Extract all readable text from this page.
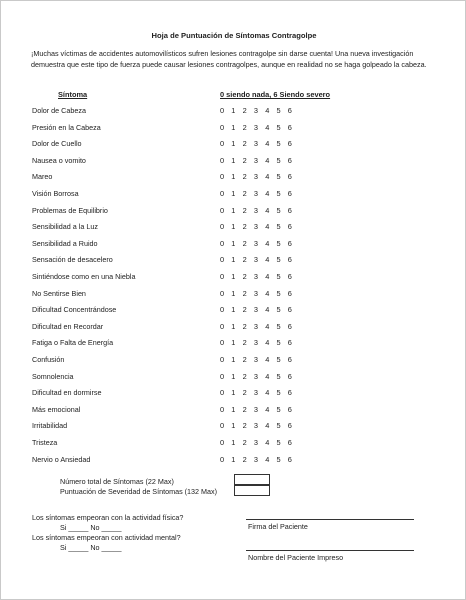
Hoja de Puntuación de Síntomas Contragolpe
¡Muchas víctimas de accidentes automovilísticos sufren lesiones contragolpe sin darse cuenta! Una nueva investigación demuestra que este tipo de fuerza puede causar lesiones contragolpes, aunque en realidad no se haga golpeado la cabeza.
Síntoma	0 siendo nada, 6 Siendo severo
Dolor de Cabeza	0 1 2 3 4 5 6
Presión en la Cabeza	0 1 2 3 4 5 6
Dolor de Cuello	0 1 2 3 4 5 6
Nausea o vomito	0 1 2 3 4 5 6
Mareo	0 1 2 3 4 5 6
Visión Borrosa	0 1 2 3 4 5 6
Problemas de Equilibrio	0 1 2 3 4 5 6
Sensibilidad a la Luz	0 1 2 3 4 5 6
Sensibilidad a Ruido	0 1 2 3 4 5 6
Sensación de desacelero	0 1 2 3 4 5 6
Sintiéndose como en una Niebla	0 1 2 3 4 5 6
No Sentirse Bien	0 1 2 3 4 5 6
Dificultad Concentrándose	0 1 2 3 4 5 6
Dificultad en Recordar	0 1 2 3 4 5 6
Fatiga o Falta de Energía	0 1 2 3 4 5 6
Confusión	0 1 2 3 4 5 6
Somnolencia	0 1 2 3 4 5 6
Dificultad en dormirse	0 1 2 3 4 5 6
Más emocional	0 1 2 3 4 5 6
Irritabilidad	0 1 2 3 4 5 6
Tristeza	0 1 2 3 4 5 6
Nervio o Ansiedad	0 1 2 3 4 5 6
Número total de Síntomas (22 Max)
Puntuación de Severidad de Síntomas (132 Max)
Los síntomas empeoran con la actividad física?
Si _____ No _____
Los síntomas empeoran con actividad mental?
Si _____ No _____
Firma del Paciente
Nombre del Paciente Impreso
